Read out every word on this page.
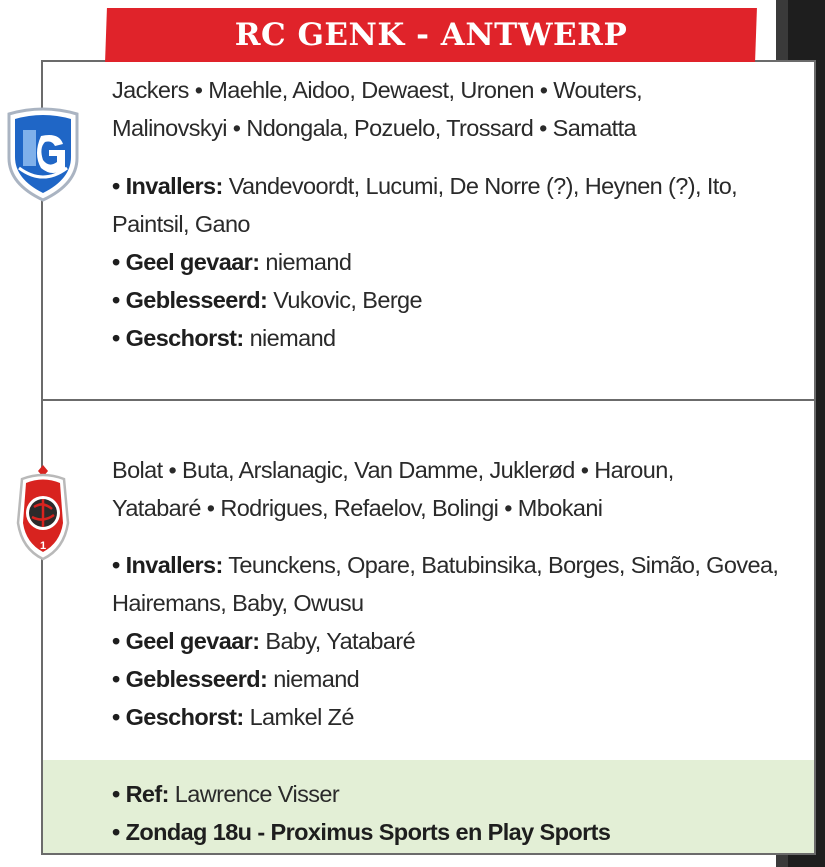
RC GENK - ANTWERP
1

Jackers • Maehle, Aidoo, Dewaest, Uronen • Wouters,

Malinovskyi • Ndongala, Pozuelo, Trossard • Samatta

• Invallers: Vandevoordt, Lucumi, De Norre (?), Heynen (?), Ito, Paintsil, Gano

• Geel gevaar: niemand

• Geblesseerd: Vukovic, Berge

• Geschorst: niemand

Bolat • Buta, Arslanagic, Van Damme, Juklerød • Haroun,

Yatabaré • Rodrigues, Refaelov, Bolingi • Mbokani

• Invallers: Teunckens, Opare, Batubinsika, Borges, Simão, Govea, Hairemans, Baby, Owusu

• Geel gevaar: Baby, Yatabaré

• Geblesseerd: niemand

• Geschorst: Lamkel Zé

• Ref: Lawrence Visser

• Zondag 18u - Proximus Sports en Play Sports
